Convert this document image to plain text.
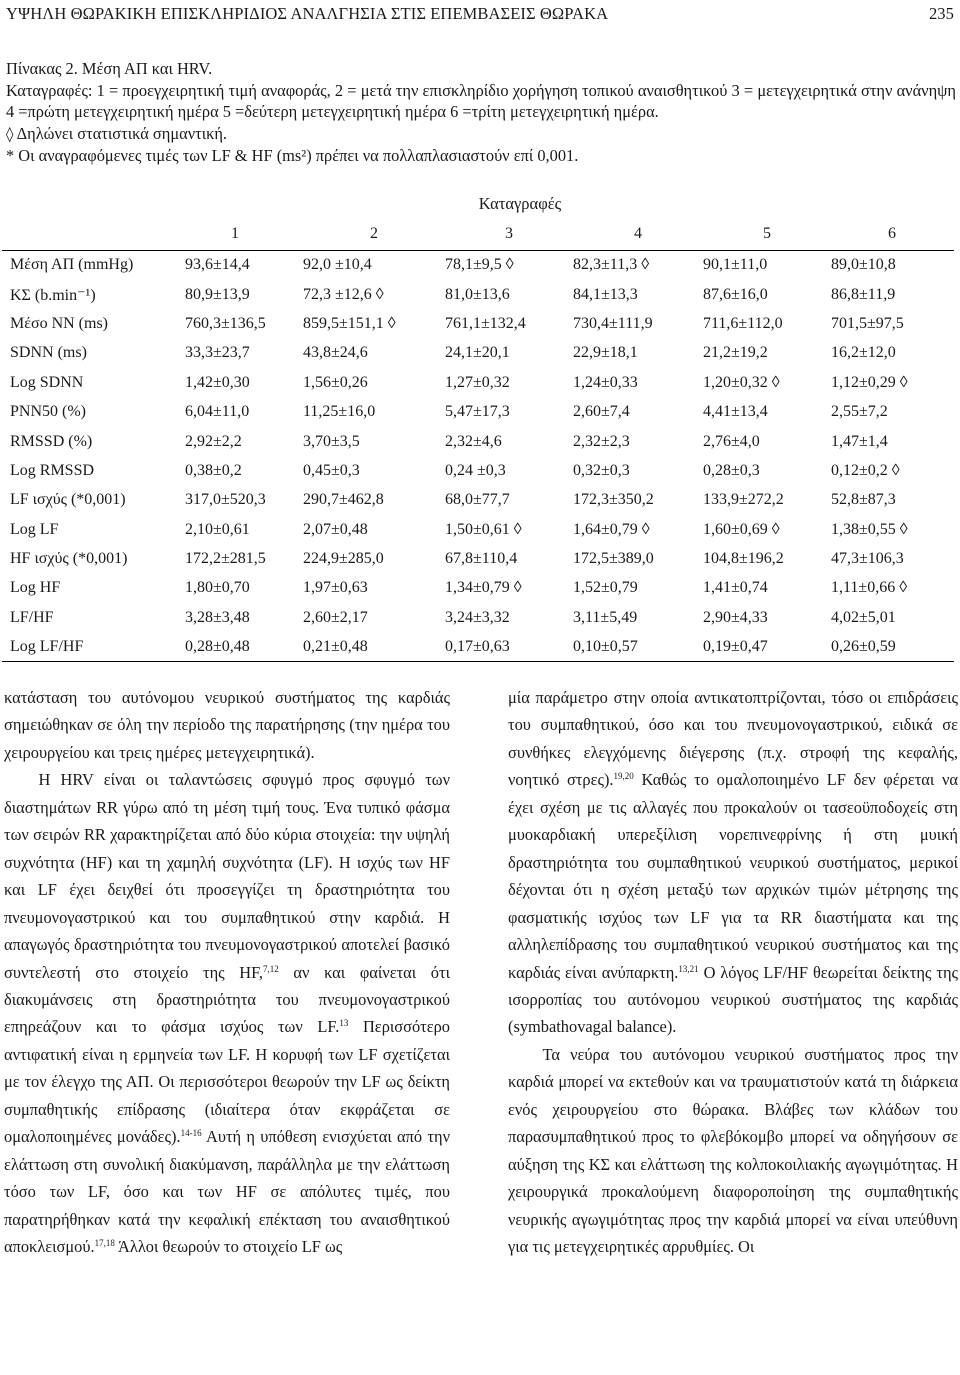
ΥΨΗΛΗ ΘΩΡΑΚΙΚΗ ΕΠΙΣΚΛΗΡΙΔΙΟΣ ΑΝΑΛΓΗΣΙΑ ΣΤΙΣ ΕΠΕΜΒΑΣΕΙΣ ΘΩΡΑΚΑ	235

Πίνακας 2. Μέση ΑΠ και HRV.

Καταγραφές: 1 = προεγχειρητική τιμή αναφοράς, 2 = μετά την επισκληρίδιο χορήγηση τοπικού αναισθητικού 3 = μετεγχειρητικά στην ανάνηψη 4 =πρώτη μετεγχειρητική ημέρα 5 =δεύτερη μετεγχειρητική ημέρα 6 =τρίτη μετεγχειρητική ημέρα.

◊ Δηλώνει στατιστικά σημαντική.

* Οι αναγραφόμενες τιμές των LF & HF (ms²) πρέπει να πολλαπλασιαστούν επί 0,001.

Καταγραφές
	1	2	3	4	5	6
Μέση ΑΠ (mmHg)	93,6±14,4	92,0 ±10,4	78,1±9,5 ◊	82,3±11,3 ◊	90,1±11,0	89,0±10,8
ΚΣ (b.min⁻¹)	80,9±13,9	72,3 ±12,6 ◊	81,0±13,6	84,1±13,3	87,6±16,0	86,8±11,9
Μέσο NN (ms)	760,3±136,5	859,5±151,1 ◊	761,1±132,4	730,4±111,9	711,6±112,0	701,5±97,5
SDNN (ms)	33,3±23,7	43,8±24,6	24,1±20,1	22,9±18,1	21,2±19,2	16,2±12,0
Log SDNN	1,42±0,30	1,56±0,26	1,27±0,32	1,24±0,33	1,20±0,32 ◊	1,12±0,29 ◊
PNN50 (%)	6,04±11,0	11,25±16,0	5,47±17,3	2,60±7,4	4,41±13,4	2,55±7,2
RMSSD (%)	2,92±2,2	3,70±3,5	2,32±4,6	2,32±2,3	2,76±4,0	1,47±1,4
Log RMSSD	0,38±0,2	0,45±0,3	0,24 ±0,3	0,32±0,3	0,28±0,3	0,12±0,2 ◊
LF ισχύς (*0,001)	317,0±520,3	290,7±462,8	68,0±77,7	172,3±350,2	133,9±272,2	52,8±87,3
Log LF	2,10±0,61	2,07±0,48	1,50±0,61 ◊	1,64±0,79 ◊	1,60±0,69 ◊	1,38±0,55 ◊
HF ισχύς (*0,001)	172,2±281,5	224,9±285,0	67,8±110,4	172,5±389,0	104,8±196,2	47,3±106,3
Log HF	1,80±0,70	1,97±0,63	1,34±0,79 ◊	1,52±0,79	1,41±0,74	1,11±0,66 ◊
LF/HF	3,28±3,48	2,60±2,17	3,24±3,32	3,11±5,49	2,90±4,33	4,02±5,01
Log LF/HF	0,28±0,48	0,21±0,48	0,17±0,63	0,10±0,57	0,19±0,47	0,26±0,59

κατάσταση του αυτόνομου νευρικού συστήματος της καρδιάς σημειώθηκαν σε όλη την περίοδο της παρατήρησης (την ημέρα του χειρουργείου και τρεις ημέρες μετεγχειρητικά).

Η HRV είναι οι ταλαντώσεις σφυγμό προς σφυγμό των διαστημάτων RR γύρω από τη μέση τιμή τους. Ένα τυπικό φάσμα των σειρών RR χαρακτηρίζεται από δύο κύρια στοιχεία: την υψηλή συχνότητα (HF) και τη χαμηλή συχνότητα (LF). Η ισχύς των HF και LF έχει δειχθεί ότι προσεγγίζει τη δραστηριότητα του πνευμονογαστρικού και του συμπαθητικού στην καρδιά. Η απαγωγός δραστηριότητα του πνευμονογαστρικού αποτελεί βασικό συντελεστή στο στοιχείο της HF,$^{7,12}$ αν και φαίνεται ότι διακυμάνσεις στη δραστηριότητα του πνευμονογαστρικού επηρεάζουν και το φάσμα ισχύος των LF.$^{13}$ Περισσότερο αντιφατική είναι η ερμηνεία των LF. Η κορυφή των LF σχετίζεται με τον έλεγχο της ΑΠ. Οι περισσότεροι θεωρούν την LF ως δείκτη συμπαθητικής επίδρασης (ιδιαίτερα όταν εκφράζεται σε ομαλοποιημένες μονάδες).$^{14-16}$ Αυτή η υπόθεση ενισχύεται από την ελάττωση στη συνολική διακύμανση, παράλληλα με την ελάττωση τόσο των LF, όσο και των HF σε απόλυτες τιμές, που παρατηρήθηκαν κατά την κεφαλική επέκταση του αναισθητικού αποκλεισμού.$^{17,18}$ Άλλοι θεωρούν το στοιχείο LF ως

μία παράμετρο στην οποία αντικατοπτρίζονται, τόσο οι επιδράσεις του συμπαθητικού, όσο και του πνευμονογαστρικού, ειδικά σε συνθήκες ελεγχόμενης διέγερσης (π.χ. στροφή της κεφαλής, νοητικό στρες).$^{19,20}$ Καθώς το ομαλοποιημένο LF δεν φέρεται να έχει σχέση με τις αλλαγές που προκαλούν οι τασεοϋποδοχείς στη μυοκαρδιακή υπερεξίλιση νορεπινεφρίνης ή στη μυική δραστηριότητα του συμπαθητικού νευρικού συστήματος, μερικοί δέχονται ότι η σχέση μεταξύ των αρχικών τιμών μέτρησης της φασματικής ισχύος των LF για τα RR διαστήματα και της αλληλεπίδρασης του συμπαθητικού νευρικού συστήματος και της καρδιάς είναι ανύπαρκτη.$^{13,21}$ Ο λόγος LF/HF θεωρείται δείκτης της ισορροπίας του αυτόνομου νευρικού συστήματος της καρδιάς (symbathovagal balance).

Τα νεύρα του αυτόνομου νευρικού συστήματος προς την καρδιά μπορεί να εκτεθούν και να τραυματιστούν κατά τη διάρκεια ενός χειρουργείου στο θώρακα. Βλάβες των κλάδων του παρασυμπαθητικού προς το φλεβόκομβο μπορεί να οδηγήσουν σε αύξηση της ΚΣ και ελάττωση της κολποκοιλιακής αγωγιμότητας. Η χειρουργικά προκαλούμενη διαφοροποίηση της συμπαθητικής νευρικής αγωγιμότητας προς την καρδιά μπορεί να είναι υπεύθυνη για τις μετεγχειρητικές αρρυθμίες. Οι
